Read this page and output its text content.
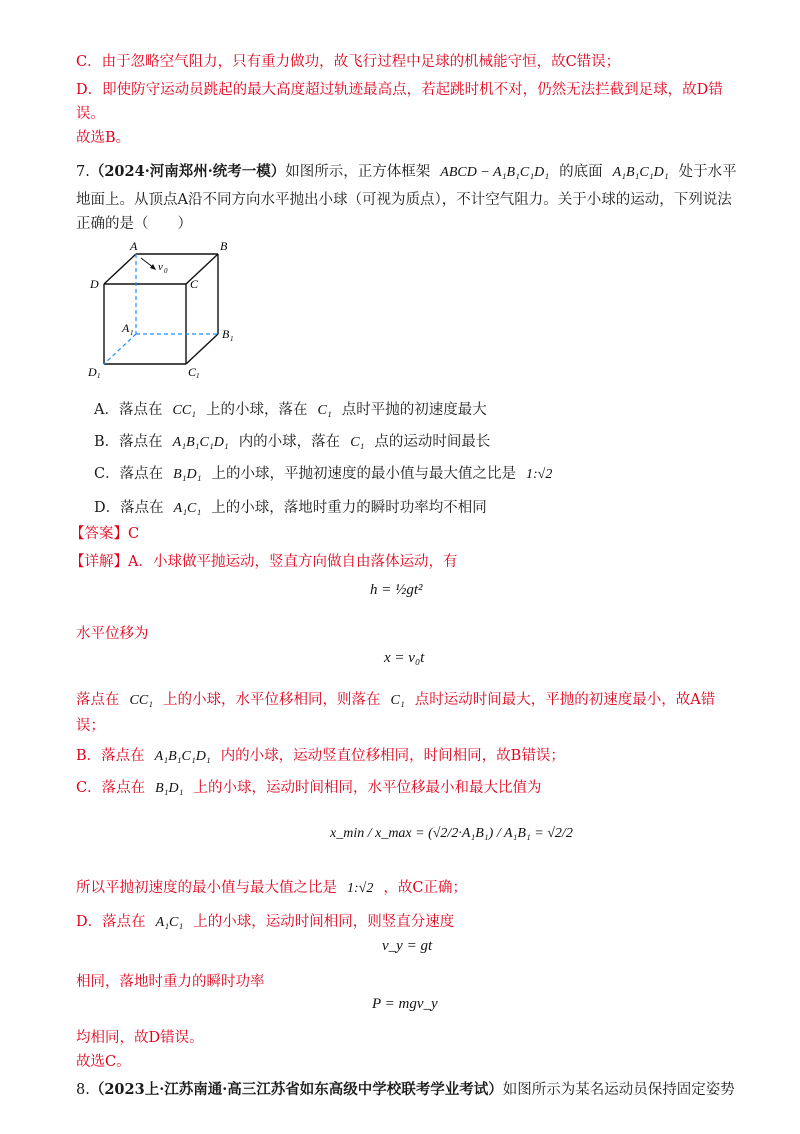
C．由于忽略空气阻力，只有重力做功，故飞行过程中足球的机械能守恒，故C错误；
D．即使防守运动员跳起的最大高度超过轨迹最高点，若起跳时机不对，仍然无法拦截到足球，故D错
误。
故选B。
7.（2024·河南郑州·统考一模）如图所示，正方体框架 ABCD − A₁B₁C₁D₁ 的底面 A₁B₁C₁D₁ 处于水平
地面上。从顶点A沿不同方向水平抛出小球（可视为质点），不计空气阻力。关于小球的运动，下列说法
正确的是（　　）
A	B
D	C
v 0
A 1	B 1
D 1	C 1
A．落点在 CC₁ 上的小球，落在 C₁ 点时平抛的初速度最大
B．落点在 A₁B₁C₁D₁ 内的小球，落在 C₁ 点的运动时间最长
C．落点在 B₁D₁ 上的小球，平抛初速度的最小值与最大值之比是 1:√2
D．落点在 A₁C₁ 上的小球，落地时重力的瞬时功率均不相同
【答案】C
【详解】A．小球做平抛运动，竖直方向做自由落体运动，有
h = ½gt²
水平位移为
x = v₀t
落点在 CC₁ 上的小球，水平位移相同，则落在 C₁ 点时运动时间最大，平抛的初速度最小，故A错
误；
B．落点在 A₁B₁C₁D₁ 内的小球，运动竖直位移相同，时间相同，故B错误；
C．落点在 B₁D₁ 上的小球，运动时间相同，水平位移最小和最大比值为
x_min / x_max = (√2/2·A₁B₁) / A₁B₁ = √2/2
所以平抛初速度的最小值与最大值之比是 1:√2 ，故C正确；
D．落点在 A₁C₁ 上的小球，运动时间相同，则竖直分速度
v_y = gt
相同，落地时重力的瞬时功率
P = mgv_y
均相同，故D错误。
故选C。
8.（2023上·江苏南通·高三江苏省如东高级中学校联考学业考试）如图所示为某名运动员保持固定姿势
